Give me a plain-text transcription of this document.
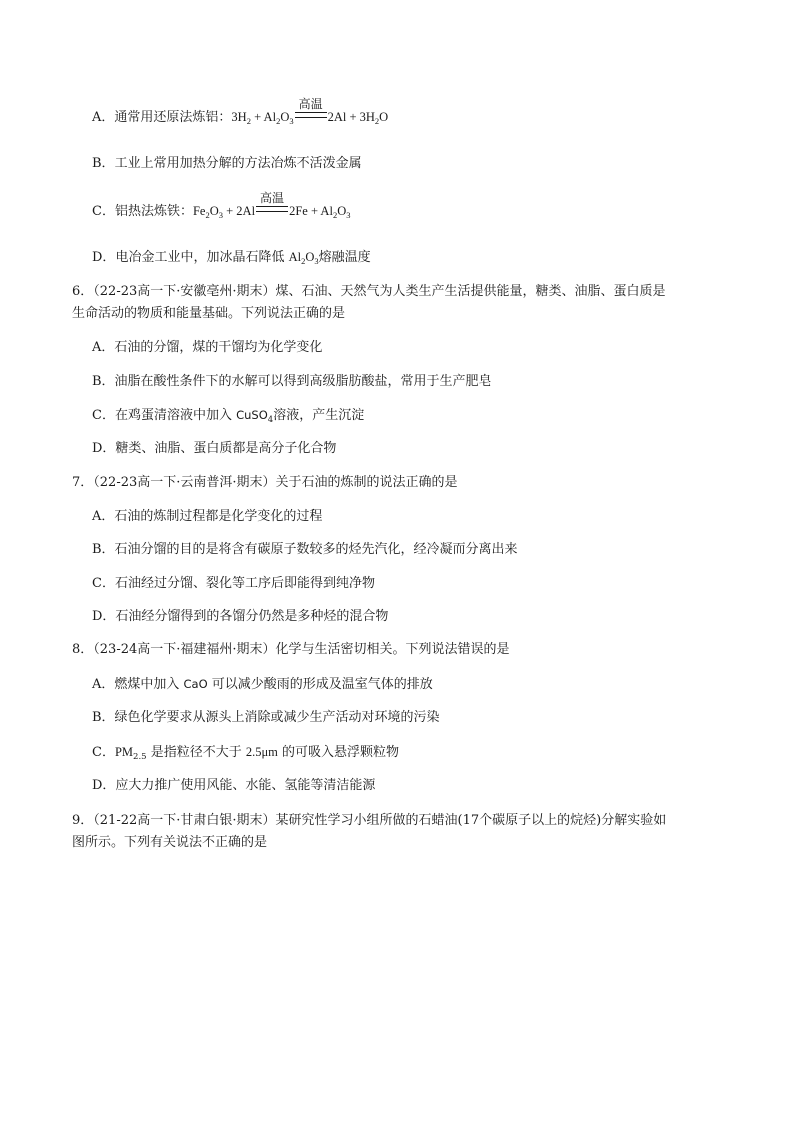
A．通常用还原法炼铝：$3H_2 + Al_2O_3$
高温
$2Al + 3H_2O$
B．工业上常用加热分解的方法冶炼不活泼金属
C．铝热法炼铁：$Fe_2O_3 + 2Al$
高温
$2Fe + Al_2O_3$
D．电冶金工业中，加冰晶石降低 $Al_2O_3$熔融温度
6．（22-23高一下·安徽亳州·期末）煤、石油、天然气为人类生产生活提供能量，糖类、油脂、蛋白质是
生命活动的物质和能量基础。下列说法正确的是
A．石油的分馏，煤的干馏均为化学变化
B．油脂在酸性条件下的水解可以得到高级脂肪酸盐，常用于生产肥皂
C．在鸡蛋清溶液中加入 CuSO$_4$溶液，产生沉淀
D．糖类、油脂、蛋白质都是高分子化合物
7．（22-23高一下·云南普洱·期末）关于石油的炼制的说法正确的是
A．石油的炼制过程都是化学变化的过程
B．石油分馏的目的是将含有碳原子数较多的烃先汽化，经冷凝而分离出来
C．石油经过分馏、裂化等工序后即能得到纯净物
D．石油经分馏得到的各馏分仍然是多种烃的混合物
8．（23-24高一下·福建福州·期末）化学与生活密切相关。下列说法错误的是
A．燃煤中加入 CaO 可以减少酸雨的形成及温室气体的排放
B．绿色化学要求从源头上消除或减少生产活动对环境的污染
C．$PM_{2.5}$ 是指粒径不大于 2.5μm 的可吸入悬浮颗粒物
D．应大力推广使用风能、水能、氢能等清洁能源
9．（21-22高一下·甘肃白银·期末）某研究性学习小组所做的石蜡油(17个碳原子以上的烷烃)分解实验如
图所示。下列有关说法不正确的是
